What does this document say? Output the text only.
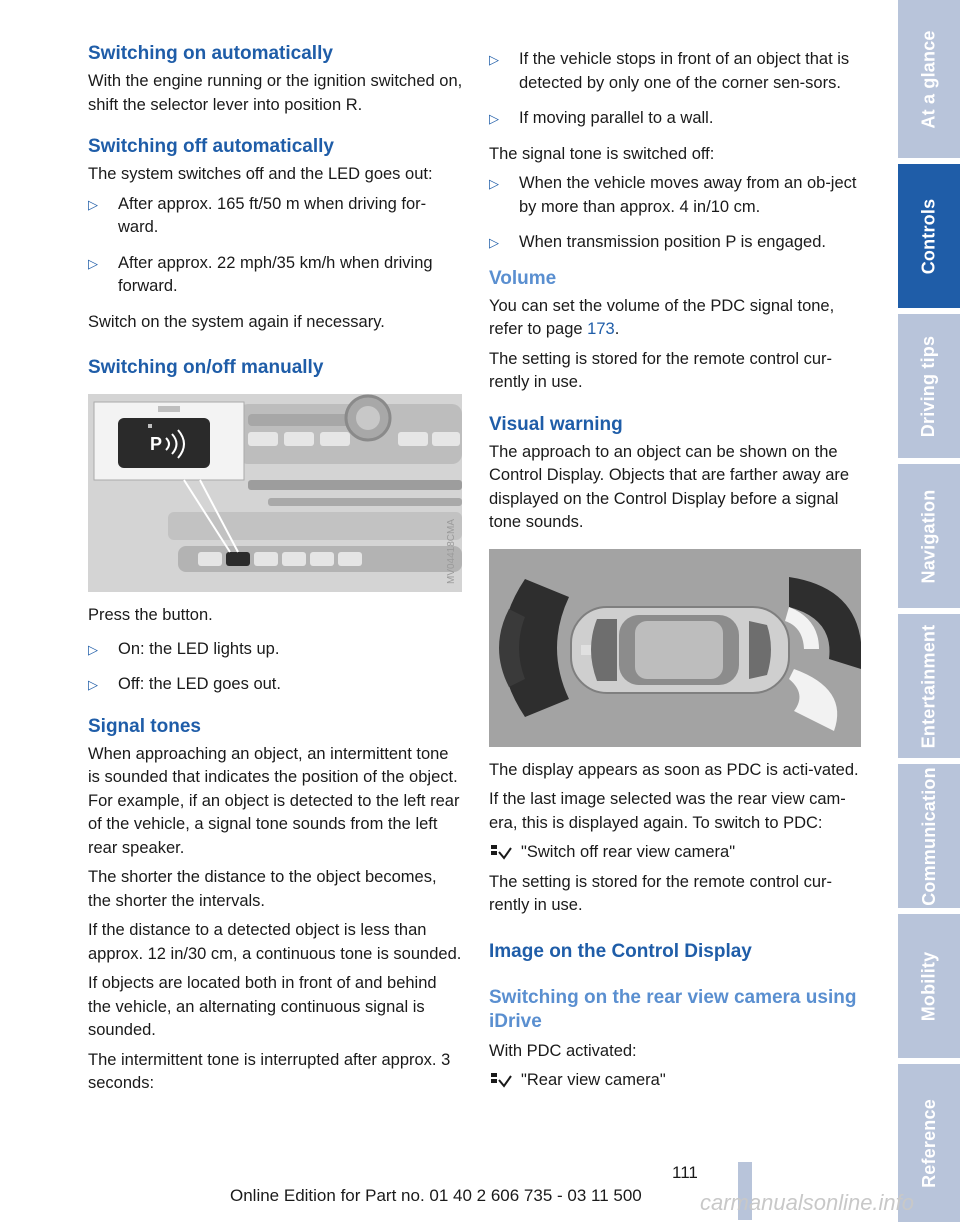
Switching on automatically

With the engine running or the ignition switched on, shift the selector lever into position R.

Switching off automatically

The system switches off and the LED goes out:

▷ After approx. 165 ft/50 m when driving for-ward.
▷ After approx. 22 mph/35 km/h when driving forward.

Switch on the system again if necessary.

Switching on/off manually
P
MV04418CMA

Press the button.

▷ On: the LED lights up.
▷ Off: the LED goes out.
Signal tones

When approaching an object, an intermittent tone is sounded that indicates the position of the object. For example, if an object is detected to the left rear of the vehicle, a signal tone sounds from the left rear speaker.

The shorter the distance to the object becomes, the shorter the intervals.

If the distance to a detected object is less than approx. 12 in/30 cm, a continuous tone is sounded.

If objects are located both in front of and behind the vehicle, an alternating continuous signal is sounded.

The intermittent tone is interrupted after approx. 3 seconds:

▷ If the vehicle stops in front of an object that is detected by only one of the corner sen-sors.
▷ If moving parallel to a wall.

The signal tone is switched off:

▷ When the vehicle moves away from an ob-ject by more than approx. 4 in/10 cm.
▷ When transmission position P is engaged.
Volume

You can set the volume of the PDC signal tone, refer to page 173.

The setting is stored for the remote control cur-rently in use.

Visual warning

The approach to an object can be shown on the Control Display. Objects that are farther away are displayed on the Control Display before a signal tone sounds.

The display appears as soon as PDC is acti-vated.

If the last image selected was the rear view cam-era, this is displayed again. To switch to PDC:

"Switch off rear view camera"

The setting is stored for the remote control cur-rently in use.

Image on the Control Display
Switching on the rear view camera using iDrive

With PDC activated:

"Rear view camera"
At a glance
Controls
Driving tips
Navigation
Entertainment
Communication
Mobility
Reference
111
Online Edition for Part no. 01 40 2 606 735 - 03 11 500	carmanualsonline.info
